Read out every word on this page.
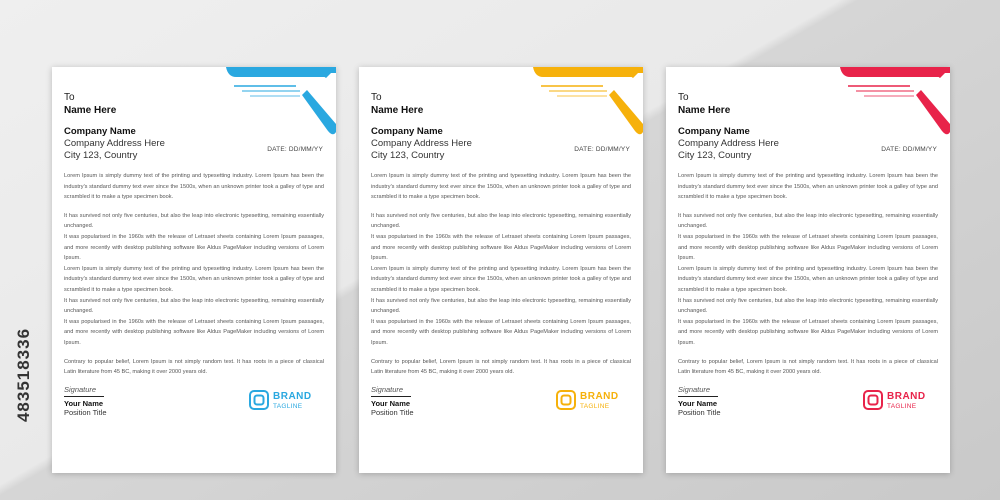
483518336
To
Name Here
Company Name
Company Address Here
City 123, Country
DATE: DD/MM/YY

Lorem Ipsum is simply dummy text of the printing and typesetting industry. Lorem Ipsum has been the industry's standard dummy text ever since the 1500s, when an unknown printer took a galley of type and scrambled it to make a type specimen book.

It has survived not only five centuries, but also the leap into electronic typesetting, remaining essentially unchanged.

It was popularised in the 1960s with the release of Letraset sheets containing Lorem Ipsum passages, and more recently with desktop publishing software like Aldus PageMaker including versions of Lorem Ipsum.

Lorem Ipsum is simply dummy text of the printing and typesetting industry. Lorem Ipsum has been the industry's standard dummy text ever since the 1500s, when an unknown printer took a galley of type and scrambled it to make a type specimen book.

It has survived not only five centuries, but also the leap into electronic typesetting, remaining essentially unchanged.

It was popularised in the 1960s with the release of Letraset sheets containing Lorem Ipsum passages, and more recently with desktop publishing software like Aldus PageMaker including versions of Lorem Ipsum.

Contrary to popular belief, Lorem Ipsum is not simply random text. It has roots in a piece of classical Latin literature from 45 BC, making it over 2000 years old.

Signature
Your Name
Position Title
BRAND
TAGLINE
To
Name Here
Company Name
Company Address Here
City 123, Country
DATE: DD/MM/YY

Lorem Ipsum is simply dummy text of the printing and typesetting industry. Lorem Ipsum has been the industry's standard dummy text ever since the 1500s, when an unknown printer took a galley of type and scrambled it to make a type specimen book.

It has survived not only five centuries, but also the leap into electronic typesetting, remaining essentially unchanged.

It was popularised in the 1960s with the release of Letraset sheets containing Lorem Ipsum passages, and more recently with desktop publishing software like Aldus PageMaker including versions of Lorem Ipsum.

Lorem Ipsum is simply dummy text of the printing and typesetting industry. Lorem Ipsum has been the industry's standard dummy text ever since the 1500s, when an unknown printer took a galley of type and scrambled it to make a type specimen book.

It has survived not only five centuries, but also the leap into electronic typesetting, remaining essentially unchanged.

It was popularised in the 1960s with the release of Letraset sheets containing Lorem Ipsum passages, and more recently with desktop publishing software like Aldus PageMaker including versions of Lorem Ipsum.

Contrary to popular belief, Lorem Ipsum is not simply random text. It has roots in a piece of classical Latin literature from 45 BC, making it over 2000 years old.

Signature
Your Name
Position Title
BRAND
TAGLINE
To
Name Here
Company Name
Company Address Here
City 123, Country
DATE: DD/MM/YY

Lorem Ipsum is simply dummy text of the printing and typesetting industry. Lorem Ipsum has been the industry's standard dummy text ever since the 1500s, when an unknown printer took a galley of type and scrambled it to make a type specimen book.

It has survived not only five centuries, but also the leap into electronic typesetting, remaining essentially unchanged.

It was popularised in the 1960s with the release of Letraset sheets containing Lorem Ipsum passages, and more recently with desktop publishing software like Aldus PageMaker including versions of Lorem Ipsum.

Lorem Ipsum is simply dummy text of the printing and typesetting industry. Lorem Ipsum has been the industry's standard dummy text ever since the 1500s, when an unknown printer took a galley of type and scrambled it to make a type specimen book.

It has survived not only five centuries, but also the leap into electronic typesetting, remaining essentially unchanged.

It was popularised in the 1960s with the release of Letraset sheets containing Lorem Ipsum passages, and more recently with desktop publishing software like Aldus PageMaker including versions of Lorem Ipsum.

Contrary to popular belief, Lorem Ipsum is not simply random text. It has roots in a piece of classical Latin literature from 45 BC, making it over 2000 years old.

Signature
Your Name
Position Title
BRAND
TAGLINE
